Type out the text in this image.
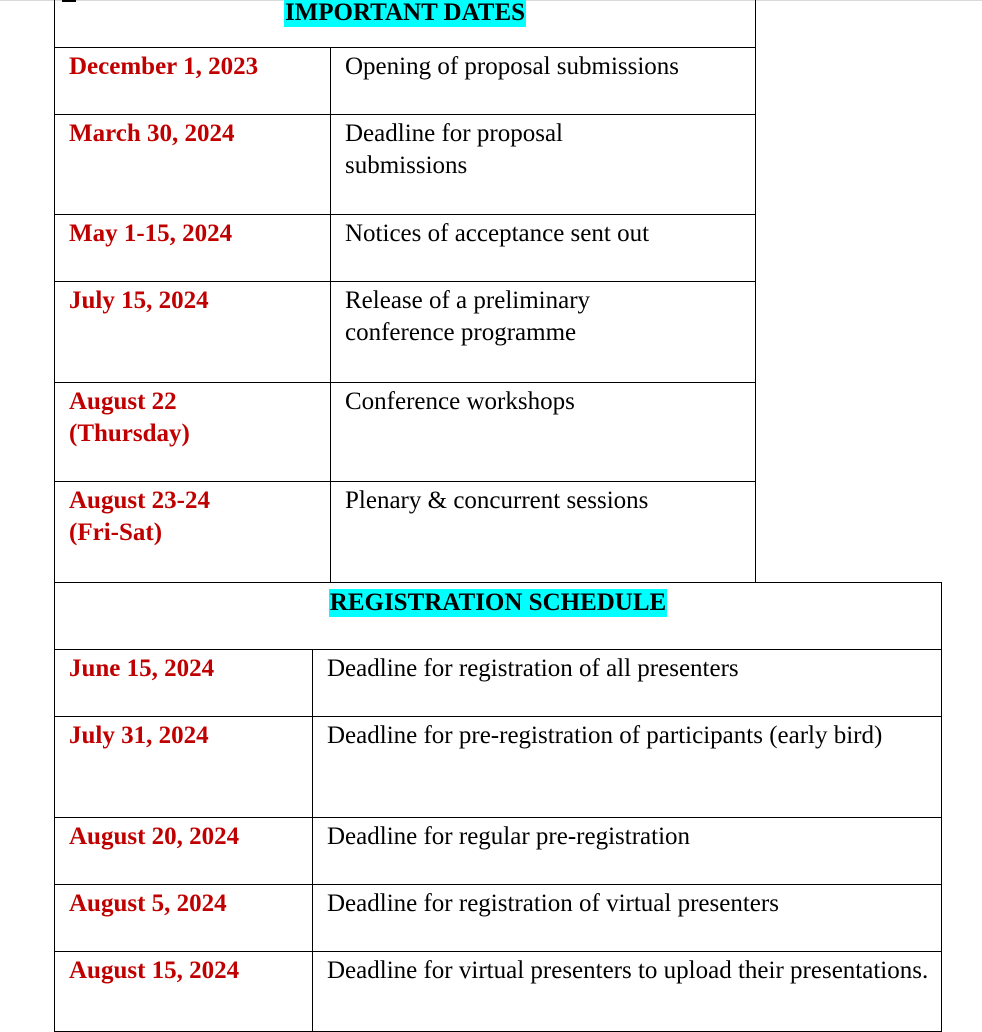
IMPORTANT DATES	
December 1, 2023	Opening of proposal submissions
March 30, 2024	Deadline for proposal submissions
May 1-15, 2024	Notices of acceptance sent out
July 15, 2024	Release of a preliminary conference programme
August 22 (Thursday)	Conference workshops
August 23-24 (Fri-Sat)	Plenary & concurrent sessions
REGISTRATION SCHEDULE	
June 15, 2024	Deadline for registration of all presenters
July 31, 2024	Deadline for pre-registration of participants (early bird)
August 20, 2024	Deadline for regular pre-registration
August 5, 2024	Deadline for registration of virtual presenters
August 15, 2024	Deadline for virtual presenters to upload their presentations.
